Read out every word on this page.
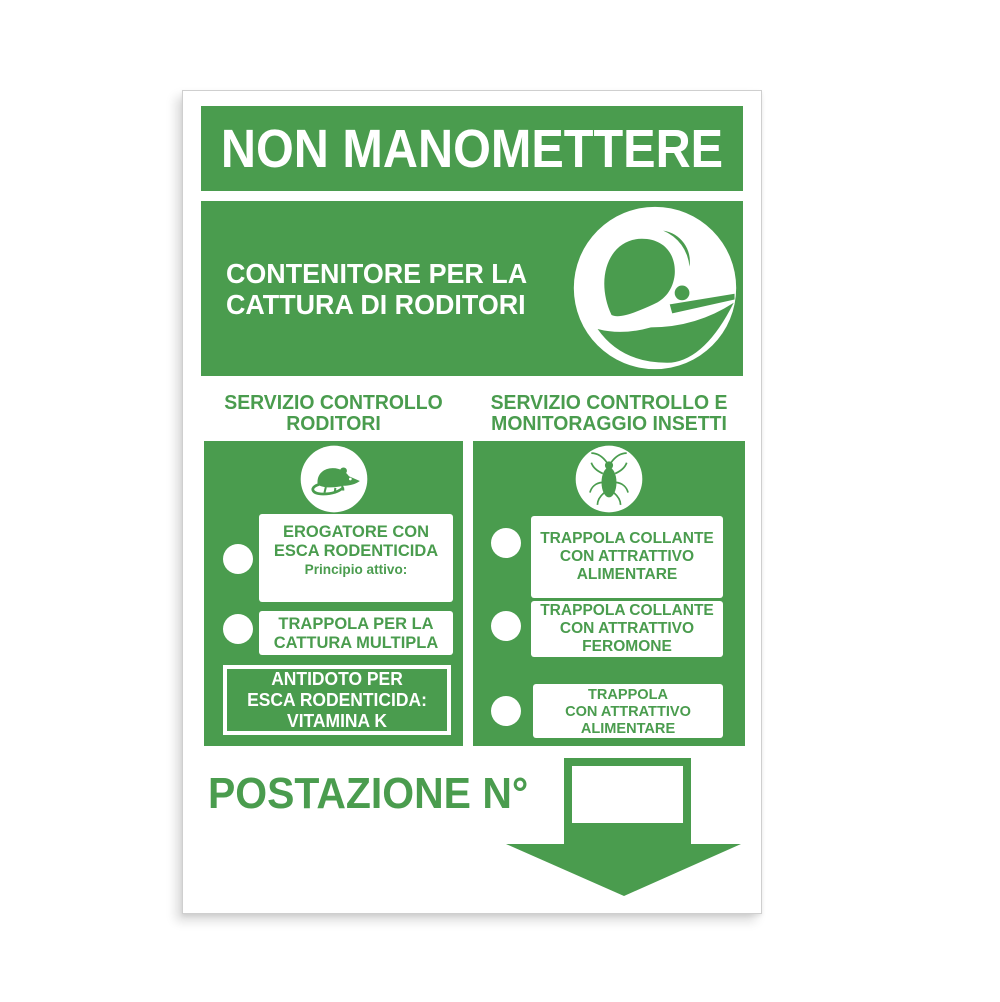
NON MANOMETTERE
CONTENITORE PER LA
CATTURA DI RODITORI
SERVIZIO CONTROLLO
RODITORI
SERVIZIO CONTROLLO E
MONITORAGGIO INSETTI
EROGATORE CON
ESCA RODENTICIDA
Principio attivo:
TRAPPOLA PER LA
CATTURA MULTIPLA
ANTIDOTO PER
ESCA RODENTICIDA:
VITAMINA K
TRAPPOLA COLLANTE
CON ATTRATTIVO
ALIMENTARE
TRAPPOLA COLLANTE
CON ATTRATTIVO
FEROMONE
TRAPPOLA
CON ATTRATTIVO
ALIMENTARE
POSTAZIONE N°
